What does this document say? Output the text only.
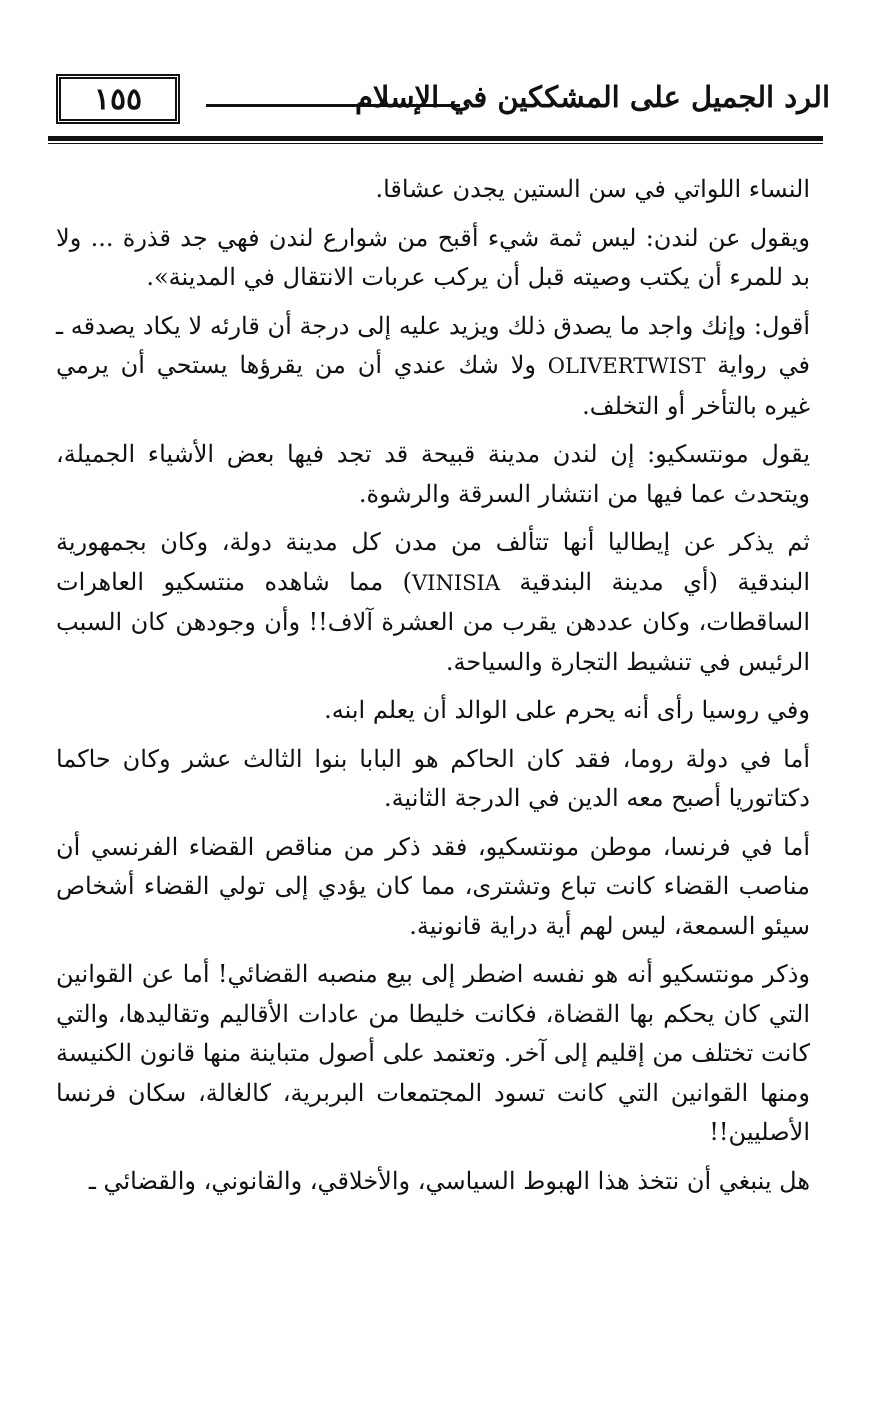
١٥٥	الرد الجميل على المشككين في الإسلام

النساء اللواتي في سن الستين يجدن عشاقا.

ويقول عن لندن: ليس ثمة شيء أقبح من شوارع لندن فهي جد قذرة ... ولا بد للمرء أن يكتب وصيته قبل أن يركب عربات الانتقال في المدينة».

أقول: وإنك واجد ما يصدق ذلك ويزيد عليه إلى درجة أن قارئه لا يكاد يصدقه ـ في رواية OLIVERTWIST ولا شك عندي أن من يقرؤها يستحي أن يرمي غيره بالتأخر أو التخلف.

يقول مونتسكيو: إن لندن مدينة قبيحة قد تجد فيها بعض الأشياء الجميلة، ويتحدث عما فيها من انتشار السرقة والرشوة.

ثم يذكر عن إيطاليا أنها تتألف من مدن كل مدينة دولة، وكان بجمهورية البندقية (أي مدينة البندقية VINISIA) مما شاهده منتسكيو العاهرات الساقطات، وكان عددهن يقرب من العشرة آلاف!! وأن وجودهن كان السبب الرئيس في تنشيط التجارة والسياحة.

وفي روسيا رأى أنه يحرم على الوالد أن يعلم ابنه.

أما في دولة روما، فقد كان الحاكم هو البابا بنوا الثالث عشر وكان حاكما دكتاتوريا أصبح معه الدين في الدرجة الثانية.

أما في فرنسا، موطن مونتسكيو، فقد ذكر من مناقص القضاء الفرنسي أن مناصب القضاء كانت تباع وتشترى، مما كان يؤدي إلى تولي القضاء أشخاص سيئو السمعة، ليس لهم أية دراية قانونية.

وذكر مونتسكيو أنه هو نفسه اضطر إلى بيع منصبه القضائي! أما عن القوانين التي كان يحكم بها القضاة، فكانت خليطا من عادات الأقاليم وتقاليدها، والتي كانت تختلف من إقليم إلى آخر. وتعتمد على أصول متباينة منها قانون الكنيسة ومنها القوانين التي كانت تسود المجتمعات البربرية، كالغالة، سكان فرنسا الأصليين!!

هل ينبغي أن نتخذ هذا الهبوط السياسي، والأخلاقي، والقانوني، والقضائي ـ
